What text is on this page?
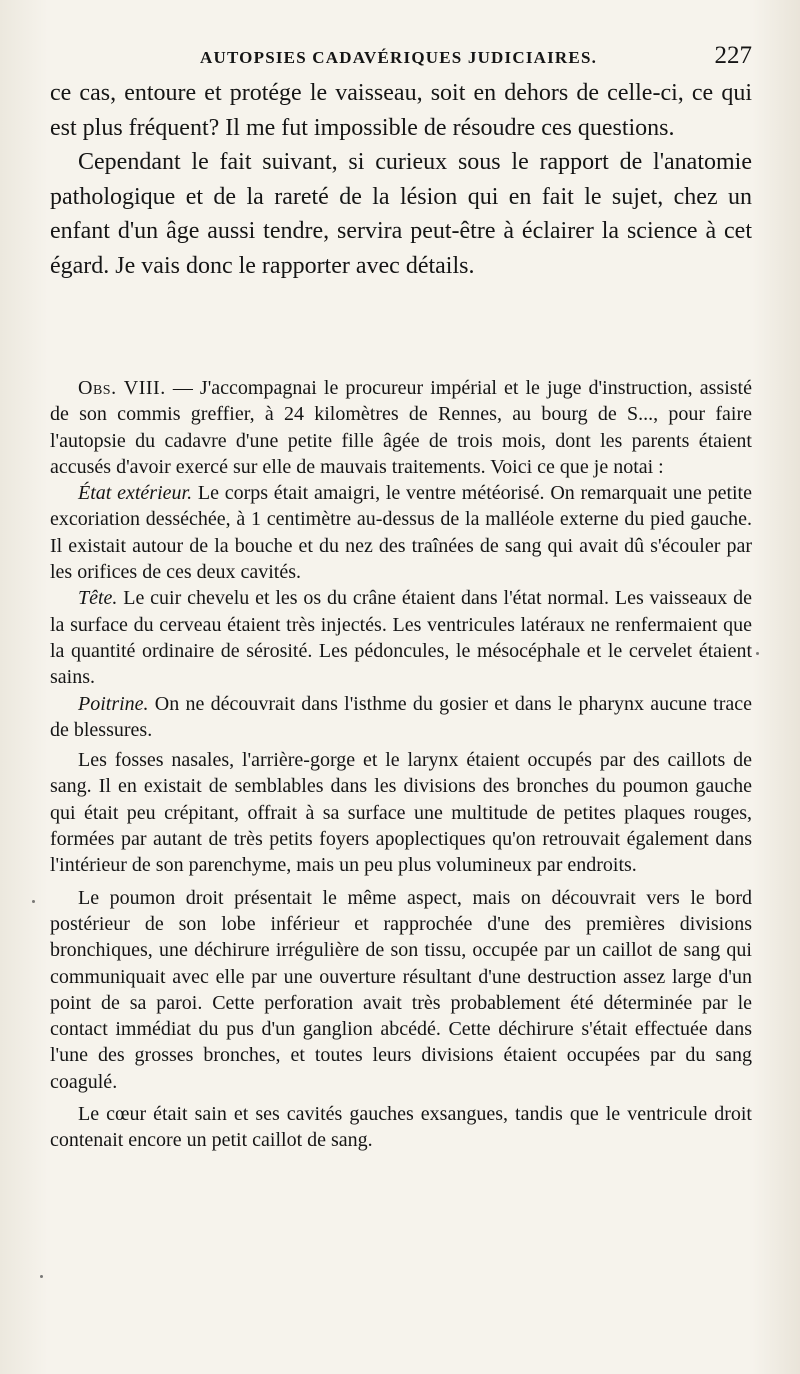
AUTOPSIES CADAVÉRIQUES JUDICIAIRES.	227

ce cas, entoure et protége le vaisseau, soit en dehors de celle-ci, ce qui est plus fréquent? Il me fut impossible de résoudre ces questions.

Cependant le fait suivant, si curieux sous le rapport de l'anatomie pathologique et de la rareté de la lésion qui en fait le sujet, chez un enfant d'un âge aussi tendre, servira peut-être à éclairer la science à cet égard. Je vais donc le rapporter avec détails.

Obs. VIII. — J'accompagnai le procureur impérial et le juge d'instruction, assisté de son commis greffier, à 24 kilomètres de Rennes, au bourg de S..., pour faire l'autopsie du cadavre d'une petite fille âgée de trois mois, dont les parents étaient accusés d'avoir exercé sur elle de mauvais traitements. Voici ce que je notai :

État extérieur. Le corps était amaigri, le ventre météorisé. On remarquait une petite excoriation desséchée, à 1 centimètre au-dessus de la malléole externe du pied gauche. Il existait autour de la bouche et du nez des traînées de sang qui avait dû s'écouler par les orifices de ces deux cavités.

Tête. Le cuir chevelu et les os du crâne étaient dans l'état normal. Les vaisseaux de la surface du cerveau étaient très injectés. Les ventricules latéraux ne renfermaient que la quantité ordinaire de sérosité. Les pédoncules, le mésocéphale et le cervelet étaient sains.

Poitrine. On ne découvrait dans l'isthme du gosier et dans le pharynx aucune trace de blessures.

Les fosses nasales, l'arrière-gorge et le larynx étaient occupés par des caillots de sang. Il en existait de semblables dans les divisions des bronches du poumon gauche qui était peu crépitant, offrait à sa surface une multitude de petites plaques rouges, formées par autant de très petits foyers apoplectiques qu'on retrouvait également dans l'intérieur de son parenchyme, mais un peu plus volumineux par endroits.

Le poumon droit présentait le même aspect, mais on découvrait vers le bord postérieur de son lobe inférieur et rapprochée d'une des premières divisions bronchiques, une déchirure irrégulière de son tissu, occupée par un caillot de sang qui communiquait avec elle par une ouverture résultant d'une destruction assez large d'un point de sa paroi. Cette perforation avait très probablement été déterminée par le contact immédiat du pus d'un ganglion abcédé. Cette déchirure s'était effectuée dans l'une des grosses bronches, et toutes leurs divisions étaient occupées par du sang coagulé.

Le cœur était sain et ses cavités gauches exsangues, tandis que le ventricule droit contenait encore un petit caillot de sang.
